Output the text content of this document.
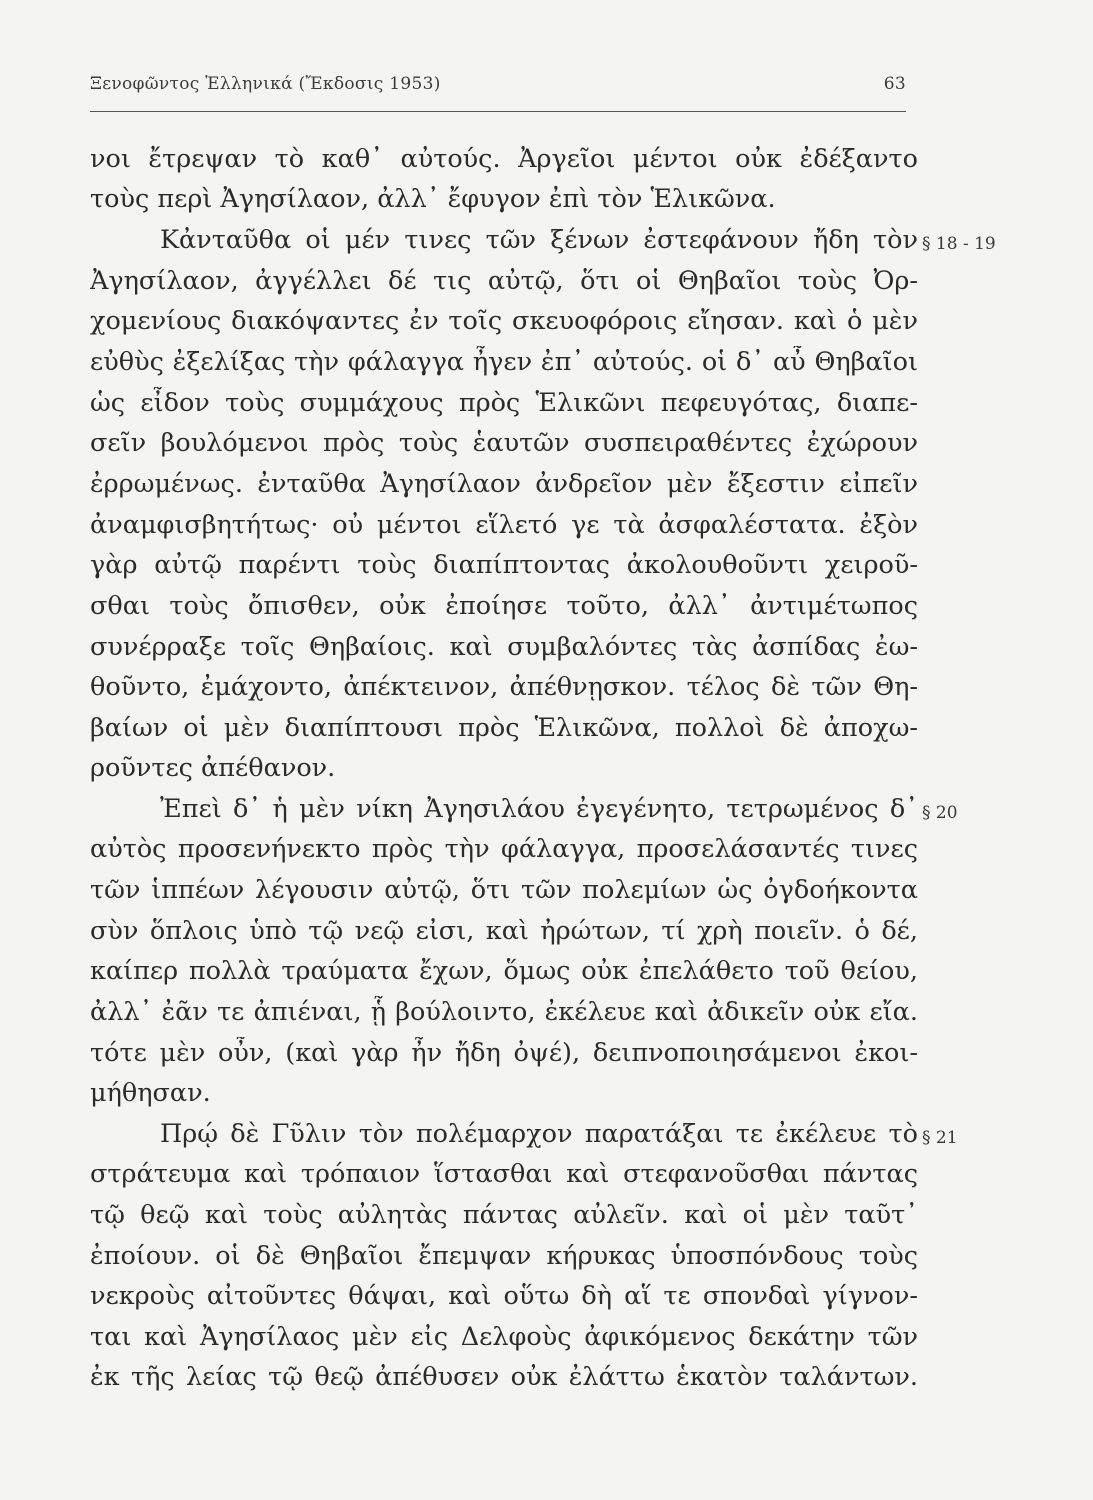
Ξενοφῶντος Ἑλληνικά (Ἔκδοσις 1953)	63
νοι ἔτρεψαν τὸ καθ᾿ αὐτούς. Ἀργεῖοι μέντοι οὐκ ἐδέξαντο
τοὺς περὶ Ἀγησίλαον, ἀλλ᾿ ἔφυγον ἐπὶ τὸν Ἑλικῶνα.
Κἀνταῦθα οἱ μέν τινες τῶν ξένων ἐστεφάνουν ἤδη τὸν
Ἀγησίλαον, ἀγγέλλει δέ τις αὐτῷ, ὅτι οἱ Θηβαῖοι τοὺς Ὀρ-
χομενίους διακόψαντες ἐν τοῖς σκευοφόροις εἴησαν. καὶ ὁ μὲν
εὐθὺς ἐξελίξας τὴν φάλαγγα ἦγεν ἐπ᾿ αὐτούς. οἱ δ᾿ αὖ Θηβαῖοι
ὡς εἶδον τοὺς συμμάχους πρὸς Ἑλικῶνι πεφευγότας, διαπε-
σεῖν βουλόμενοι πρὸς τοὺς ἑαυτῶν συσπειραθέντες ἐχώρουν
ἐρρωμένως. ἐνταῦθα Ἀγησίλαον ἀνδρεῖον μὲν ἔξεστιν εἰπεῖν
ἀναμφισβητήτως· οὐ μέντοι εἵλετό γε τὰ ἀσφαλέστατα. ἐξὸν
γὰρ αὐτῷ παρέντι τοὺς διαπίπτοντας ἀκολουθοῦντι χειροῦ-
σθαι τοὺς ὄπισθεν, οὐκ ἐποίησε τοῦτο, ἀλλ᾿ ἀντιμέτωπος
συνέρραξε τοῖς Θηβαίοις. καὶ συμβαλόντες τὰς ἀσπίδας ἐω-
θοῦντο, ἐμάχοντο, ἀπέκτεινον, ἀπέθνῃσκον. τέλος δὲ τῶν Θη-
βαίων οἱ μὲν διαπίπτουσι πρὸς Ἑλικῶνα, πολλοὶ δὲ ἀποχω-
ροῦντες ἀπέθανον.
Ἐπεὶ δ᾿ ἡ μὲν νίκη Ἀγησιλάου ἐγεγένητο, τετρωμένος δ᾿
αὐτὸς προσενήνεκτο πρὸς τὴν φάλαγγα, προσελάσαντές τινες
τῶν ἱππέων λέγουσιν αὐτῷ, ὅτι τῶν πολεμίων ὡς ὀγδοήκοντα
σὺν ὅπλοις ὑπὸ τῷ νεῷ εἰσι, καὶ ἠρώτων, τί χρὴ ποιεῖν. ὁ δέ,
καίπερ πολλὰ τραύματα ἔχων, ὅμως οὐκ ἐπελάθετο τοῦ θείου,
ἀλλ᾿ ἐᾶν τε ἀπιέναι, ᾗ βούλοιντο, ἐκέλευε καὶ ἀδικεῖν οὐκ εἴα.
τότε μὲν οὖν, (καὶ γὰρ ἦν ἤδη ὀψέ), δειπνοποιησάμενοι ἐκοι-
μήθησαν.
Πρῴ δὲ Γῦλιν τὸν πολέμαρχον παρατάξαι τε ἐκέλευε τὸ
στράτευμα καὶ τρόπαιον ἵστασθαι καὶ στεφανοῦσθαι πάντας
τῷ θεῷ καὶ τοὺς αὐλητὰς πάντας αὐλεῖν. καὶ οἱ μὲν ταῦτ᾿
ἐποίουν. οἱ δὲ Θηβαῖοι ἔπεμψαν κήρυκας ὑποσπόνδους τοὺς
νεκροὺς αἰτοῦντες θάψαι, καὶ οὕτω δὴ αἵ τε σπονδαὶ γίγνον-
ται καὶ Ἀγησίλαος μὲν εἰς Δελφοὺς ἀφικόμενος δεκάτην τῶν
ἐκ τῆς λείας τῷ θεῷ ἀπέθυσεν οὐκ ἐλάττω ἑκατὸν ταλάντων.
§ 18 - 19
§ 20
§ 21
